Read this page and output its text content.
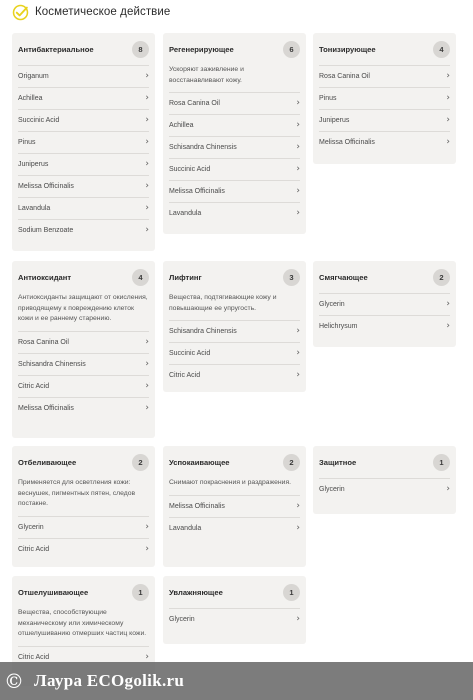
Косметическое действие
Антибактериальное	8
Origanum	›
Achillea	›
Succinic Acid	›
Pinus	›
Juniperus	›
Melissa Officinalis	›
Lavandula	›
Sodium Benzoate	›
Регенерирующее	6
Ускоряют заживление и восстанавливают кожу.
Rosa Canina Oil	›
Achillea	›
Schisandra Chinensis	›
Succinic Acid	›
Melissa Officinalis	›
Lavandula	›
Тонизирующее	4
Rosa Canina Oil	›
Pinus	›
Juniperus	›
Melissa Officinalis	›
Антиоксидант	4
Антиоксиданты защищают от окисления, приводящему к повреждению клеток кожи и ее раннему старению.
Rosa Canina Oil	›
Schisandra Chinensis	›
Citric Acid	›
Melissa Officinalis	›
Лифтинг	3
Вещества, подтягивающие кожу и повышающие ее упругость.
Schisandra Chinensis	›
Succinic Acid	›
Citric Acid	›
Смягчающее	2
Glycerin	›
Helichrysum	›
Отбеливающее	2
Применяется для осветления кожи: веснушек, пигментных пятен, следов постакне.
Glycerin	›
Citric Acid	›
Успокаивающее	2
Снимают покраснения и раздражения.
Melissa Officinalis	›
Lavandula	›
Защитное	1
Glycerin	›
Отшелушивающее	1
Вещества, способствующие механическому или химическому отшелушиванию отмерших частиц кожи.
Citric Acid	›
Увлажняющее	1
Glycerin	›
© Лаура ECOgolik.ru
